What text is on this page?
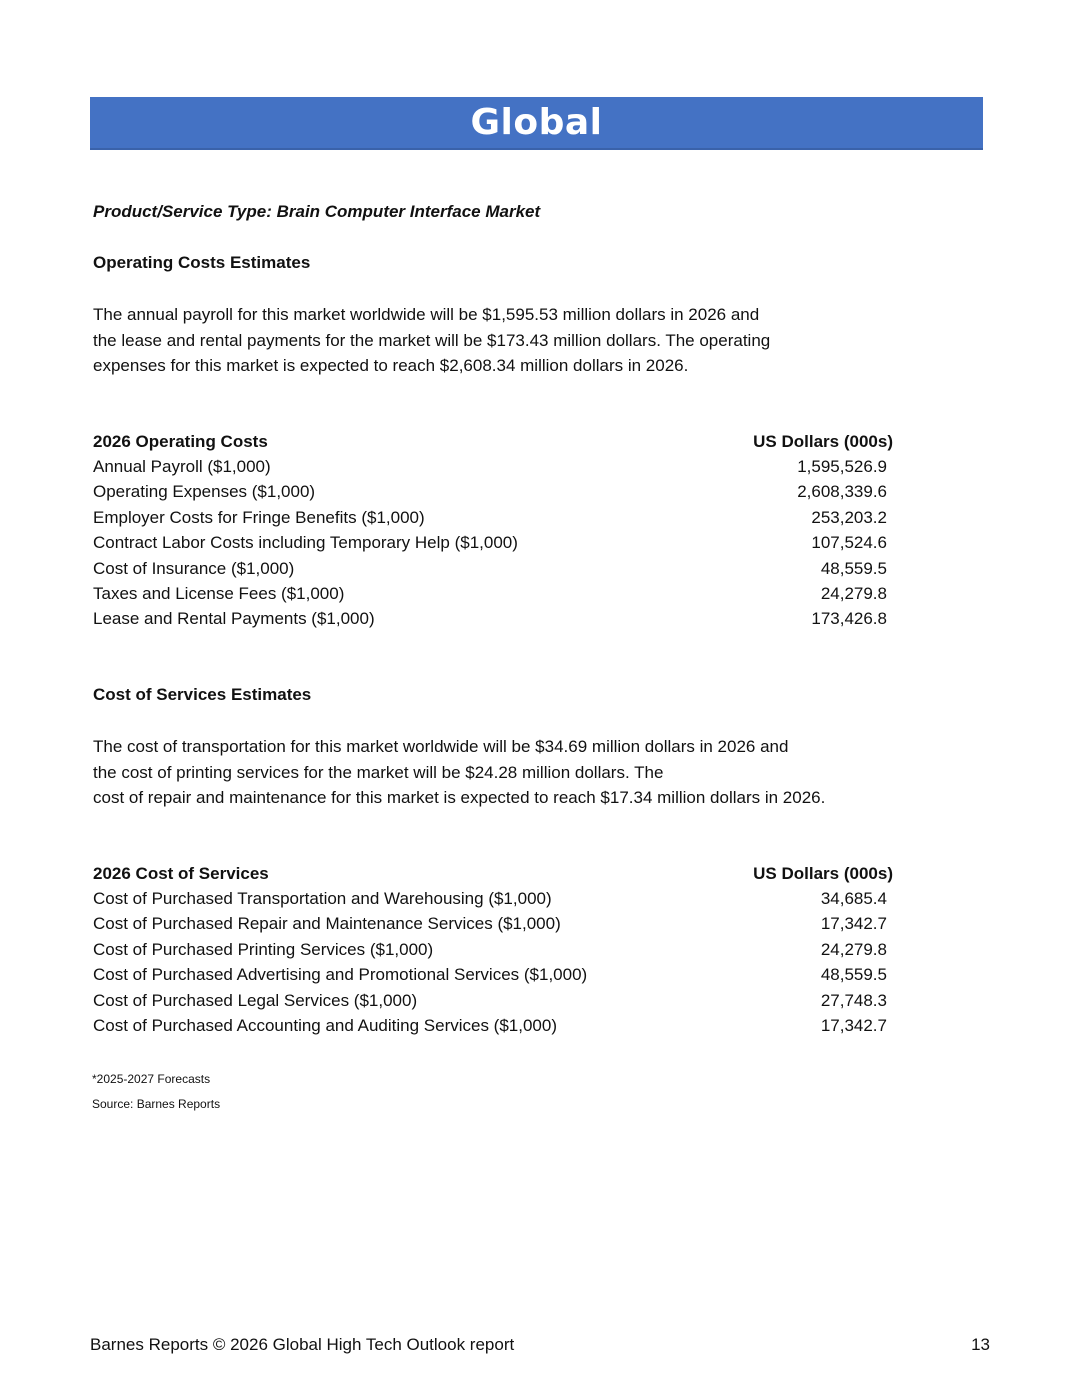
Global
Product/Service Type: Brain Computer Interface Market
Operating Costs Estimates
The annual payroll for this market worldwide will be $1,595.53 million dollars in 2026 and
the lease and rental payments for the market will be $173.43 million dollars. The operating
expenses for this market is expected to reach $2,608.34 million dollars in 2026.
2026 Operating Costs	US Dollars (000s)
Annual Payroll ($1,000)	1,595,526.9
Operating Expenses ($1,000)	2,608,339.6
Employer Costs for Fringe Benefits ($1,000)	253,203.2
Contract Labor Costs including Temporary Help ($1,000)	107,524.6
Cost of Insurance ($1,000)	48,559.5
Taxes and License Fees ($1,000)	24,279.8
Lease and Rental Payments ($1,000)	173,426.8
Cost of Services Estimates
The cost of transportation for this market worldwide will be $34.69 million dollars in 2026 and
the cost of printing services for the market will be $24.28 million dollars. The
cost of repair and maintenance for this market is expected to reach $17.34 million dollars in 2026.
2026 Cost of Services	US Dollars (000s)
Cost of Purchased Transportation and Warehousing ($1,000)	34,685.4
Cost of Purchased Repair and Maintenance Services ($1,000)	17,342.7
Cost of Purchased Printing Services ($1,000)	24,279.8
Cost of Purchased Advertising and Promotional Services ($1,000)	48,559.5
Cost of Purchased Legal Services ($1,000)	27,748.3
Cost of Purchased Accounting and Auditing Services ($1,000)	17,342.7
*2025-2027 Forecasts
Source: Barnes Reports
Barnes Reports © 2026 Global High Tech Outlook report	13
